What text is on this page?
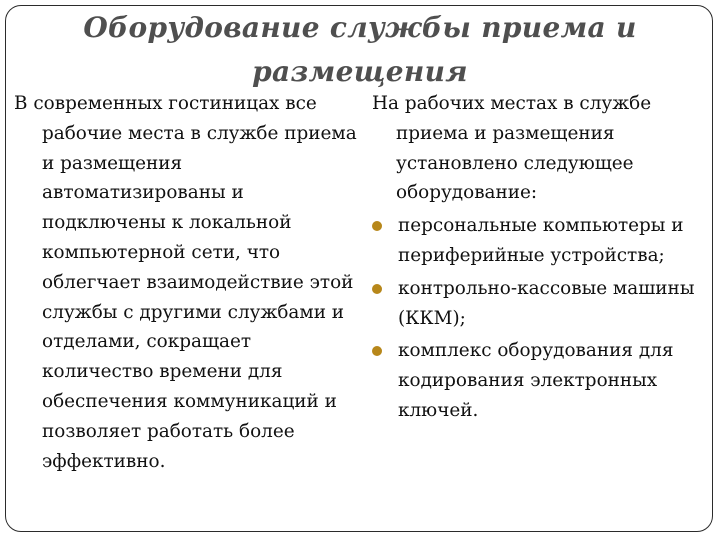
Оборудование службы приема и
размещения

В современных гостиницах все рабочие места в службе приема и размещения автоматизированы и подключены к локальной компьютерной сети, что облегчает взаимодействие этой службы с другими службами и отделами, сокращает количество времени для обеспечения коммуникаций и позволяет работать более эффективно.

На рабочих местах в службе приема и размещения установлено следующее оборудование:

персональные компьютеры и периферийные устройства;
контрольно-кассовые машины (ККМ);
комплекс оборудования для кодирования электронных ключей.
